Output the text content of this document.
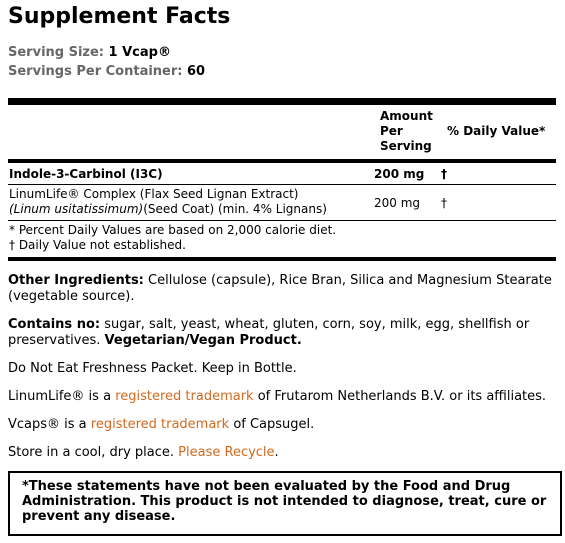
Supplement Facts
Serving Size: 1 Vcap®
Servings Per Container: 60
Amount
Per
Serving
% Daily Value*
Indole-3-Carbinol (I3C)	200 mg †
LinumLife® Complex (Flax Seed Lignan Extract)
(Linum usitatissimum)(Seed Coat) (min. 4% Lignans)	200 mg †
* Percent Daily Values are based on 2,000 calorie diet.
† Daily Value not established.
Other Ingredients: Cellulose (capsule), Rice Bran, Silica and Magnesium Stearate (vegetable source).
Contains no: sugar, salt, yeast, wheat, gluten, corn, soy, milk, egg, shellfish or preservatives. Vegetarian/Vegan Product.
Do Not Eat Freshness Packet. Keep in Bottle.
LinumLife® is a registered trademark of Frutarom Netherlands B.V. or its affiliates.
Vcaps® is a registered trademark of Capsugel.
Store in a cool, dry place. Please Recycle.
*These statements have not been evaluated by the Food and Drug Administration. This product is not intended to diagnose, treat, cure or prevent any disease.
